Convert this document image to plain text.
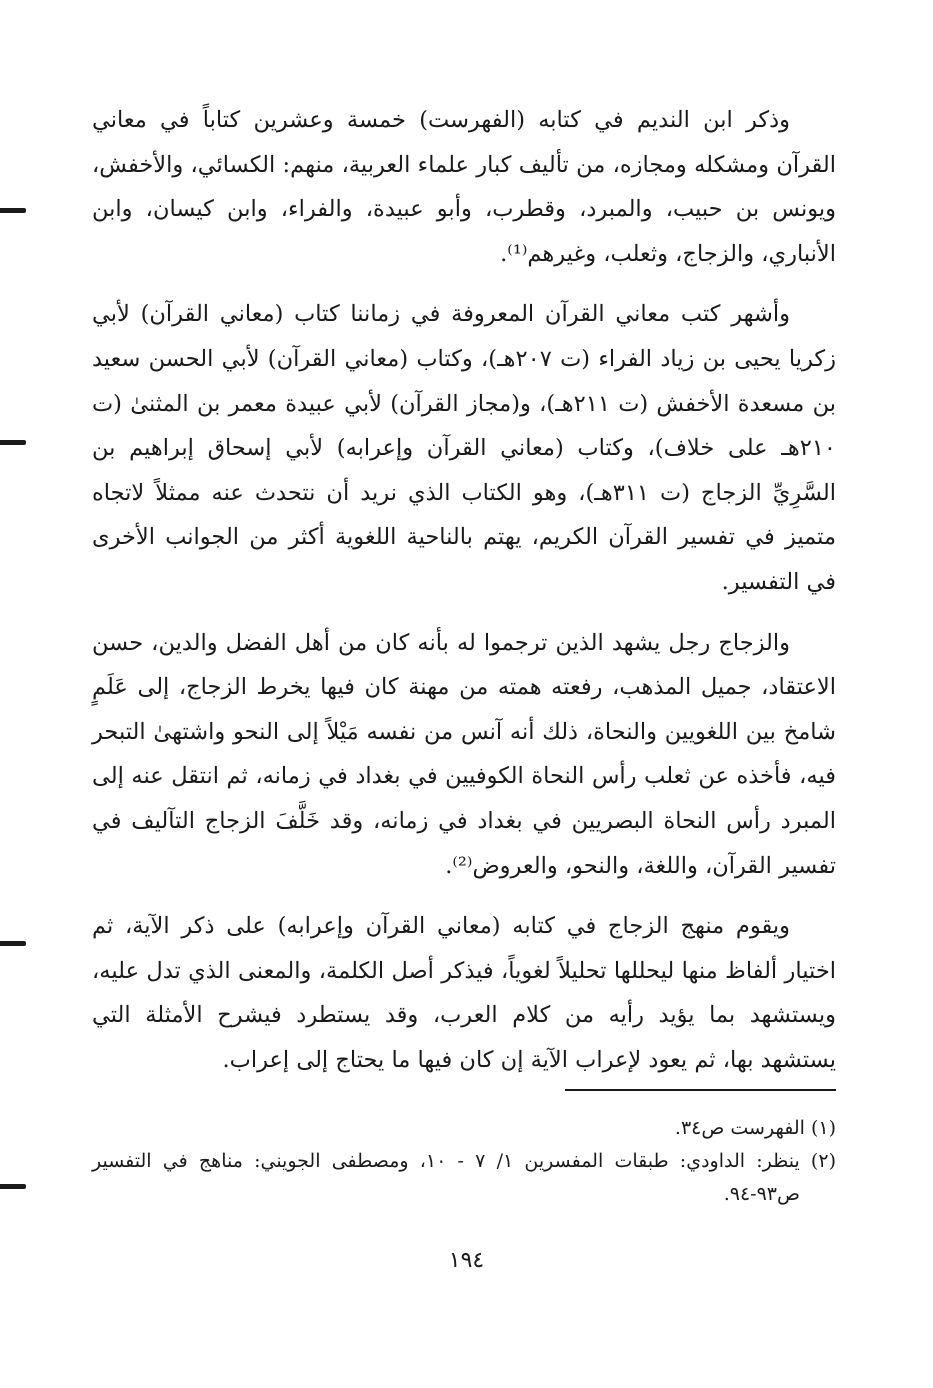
وذكر ابن النديم في كتابه (الفهرست) خمسة وعشرين كتاباً في معاني القرآن ومشكله ومجازه، من تأليف كبار علماء العربية، منهم: الكسائي، والأخفش، ويونس بن حبيب، والمبرد، وقطرب، وأبو عبيدة، والفراء، وابن كيسان، وابن الأنباري، والزجاج، وثعلب، وغيرهم⁽¹⁾.

وأشهر كتب معاني القرآن المعروفة في زماننا كتاب (معاني القرآن) لأبي زكريا يحيى بن زياد الفراء (ت ٢٠٧هـ)، وكتاب (معاني القرآن) لأبي الحسن سعيد بن مسعدة الأخفش (ت ٢١١هـ)، و(مجاز القرآن) لأبي عبيدة معمر بن المثنىٰ (ت ٢١٠هـ على خلاف)، وكتاب (معاني القرآن وإعرابه) لأبي إسحاق إبراهيم بن السَّرِيِّ الزجاج (ت ٣١١هـ)، وهو الكتاب الذي نريد أن نتحدث عنه ممثلاً لاتجاه متميز في تفسير القرآن الكريم، يهتم بالناحية اللغوية أكثر من الجوانب الأخرى في التفسير.

والزجاج رجل يشهد الذين ترجموا له بأنه كان من أهل الفضل والدين، حسن الاعتقاد، جميل المذهب، رفعته همته من مهنة كان فيها يخرط الزجاج، إلى عَلَمٍ شامخ بين اللغويين والنحاة، ذلك أنه آنس من نفسه مَيْلاً إلى النحو واشتهىٰ التبحر فيه، فأخذه عن ثعلب رأس النحاة الكوفيين في بغداد في زمانه، ثم انتقل عنه إلى المبرد رأس النحاة البصريين في بغداد في زمانه، وقد خَلَّفَ الزجاج التآليف في تفسير القرآن، واللغة، والنحو، والعروض⁽²⁾.

ويقوم منهج الزجاج في كتابه (معاني القرآن وإعرابه) على ذكر الآية، ثم اختيار ألفاظ منها ليحللها تحليلاً لغوياً، فيذكر أصل الكلمة، والمعنى الذي تدل عليه، ويستشهد بما يؤيد رأيه من كلام العرب، وقد يستطرد فيشرح الأمثلة التي يستشهد بها، ثم يعود لإعراب الآية إن كان فيها ما يحتاج إلى إعراب.

(١) الفهرست ص٣٤.

(٢) ينظر: الداودي: طبقات المفسرين ١/ ٧ - ١٠، ومصطفى الجويني: مناهج في التفسير ص٩٣-٩٤.

١٩٤
